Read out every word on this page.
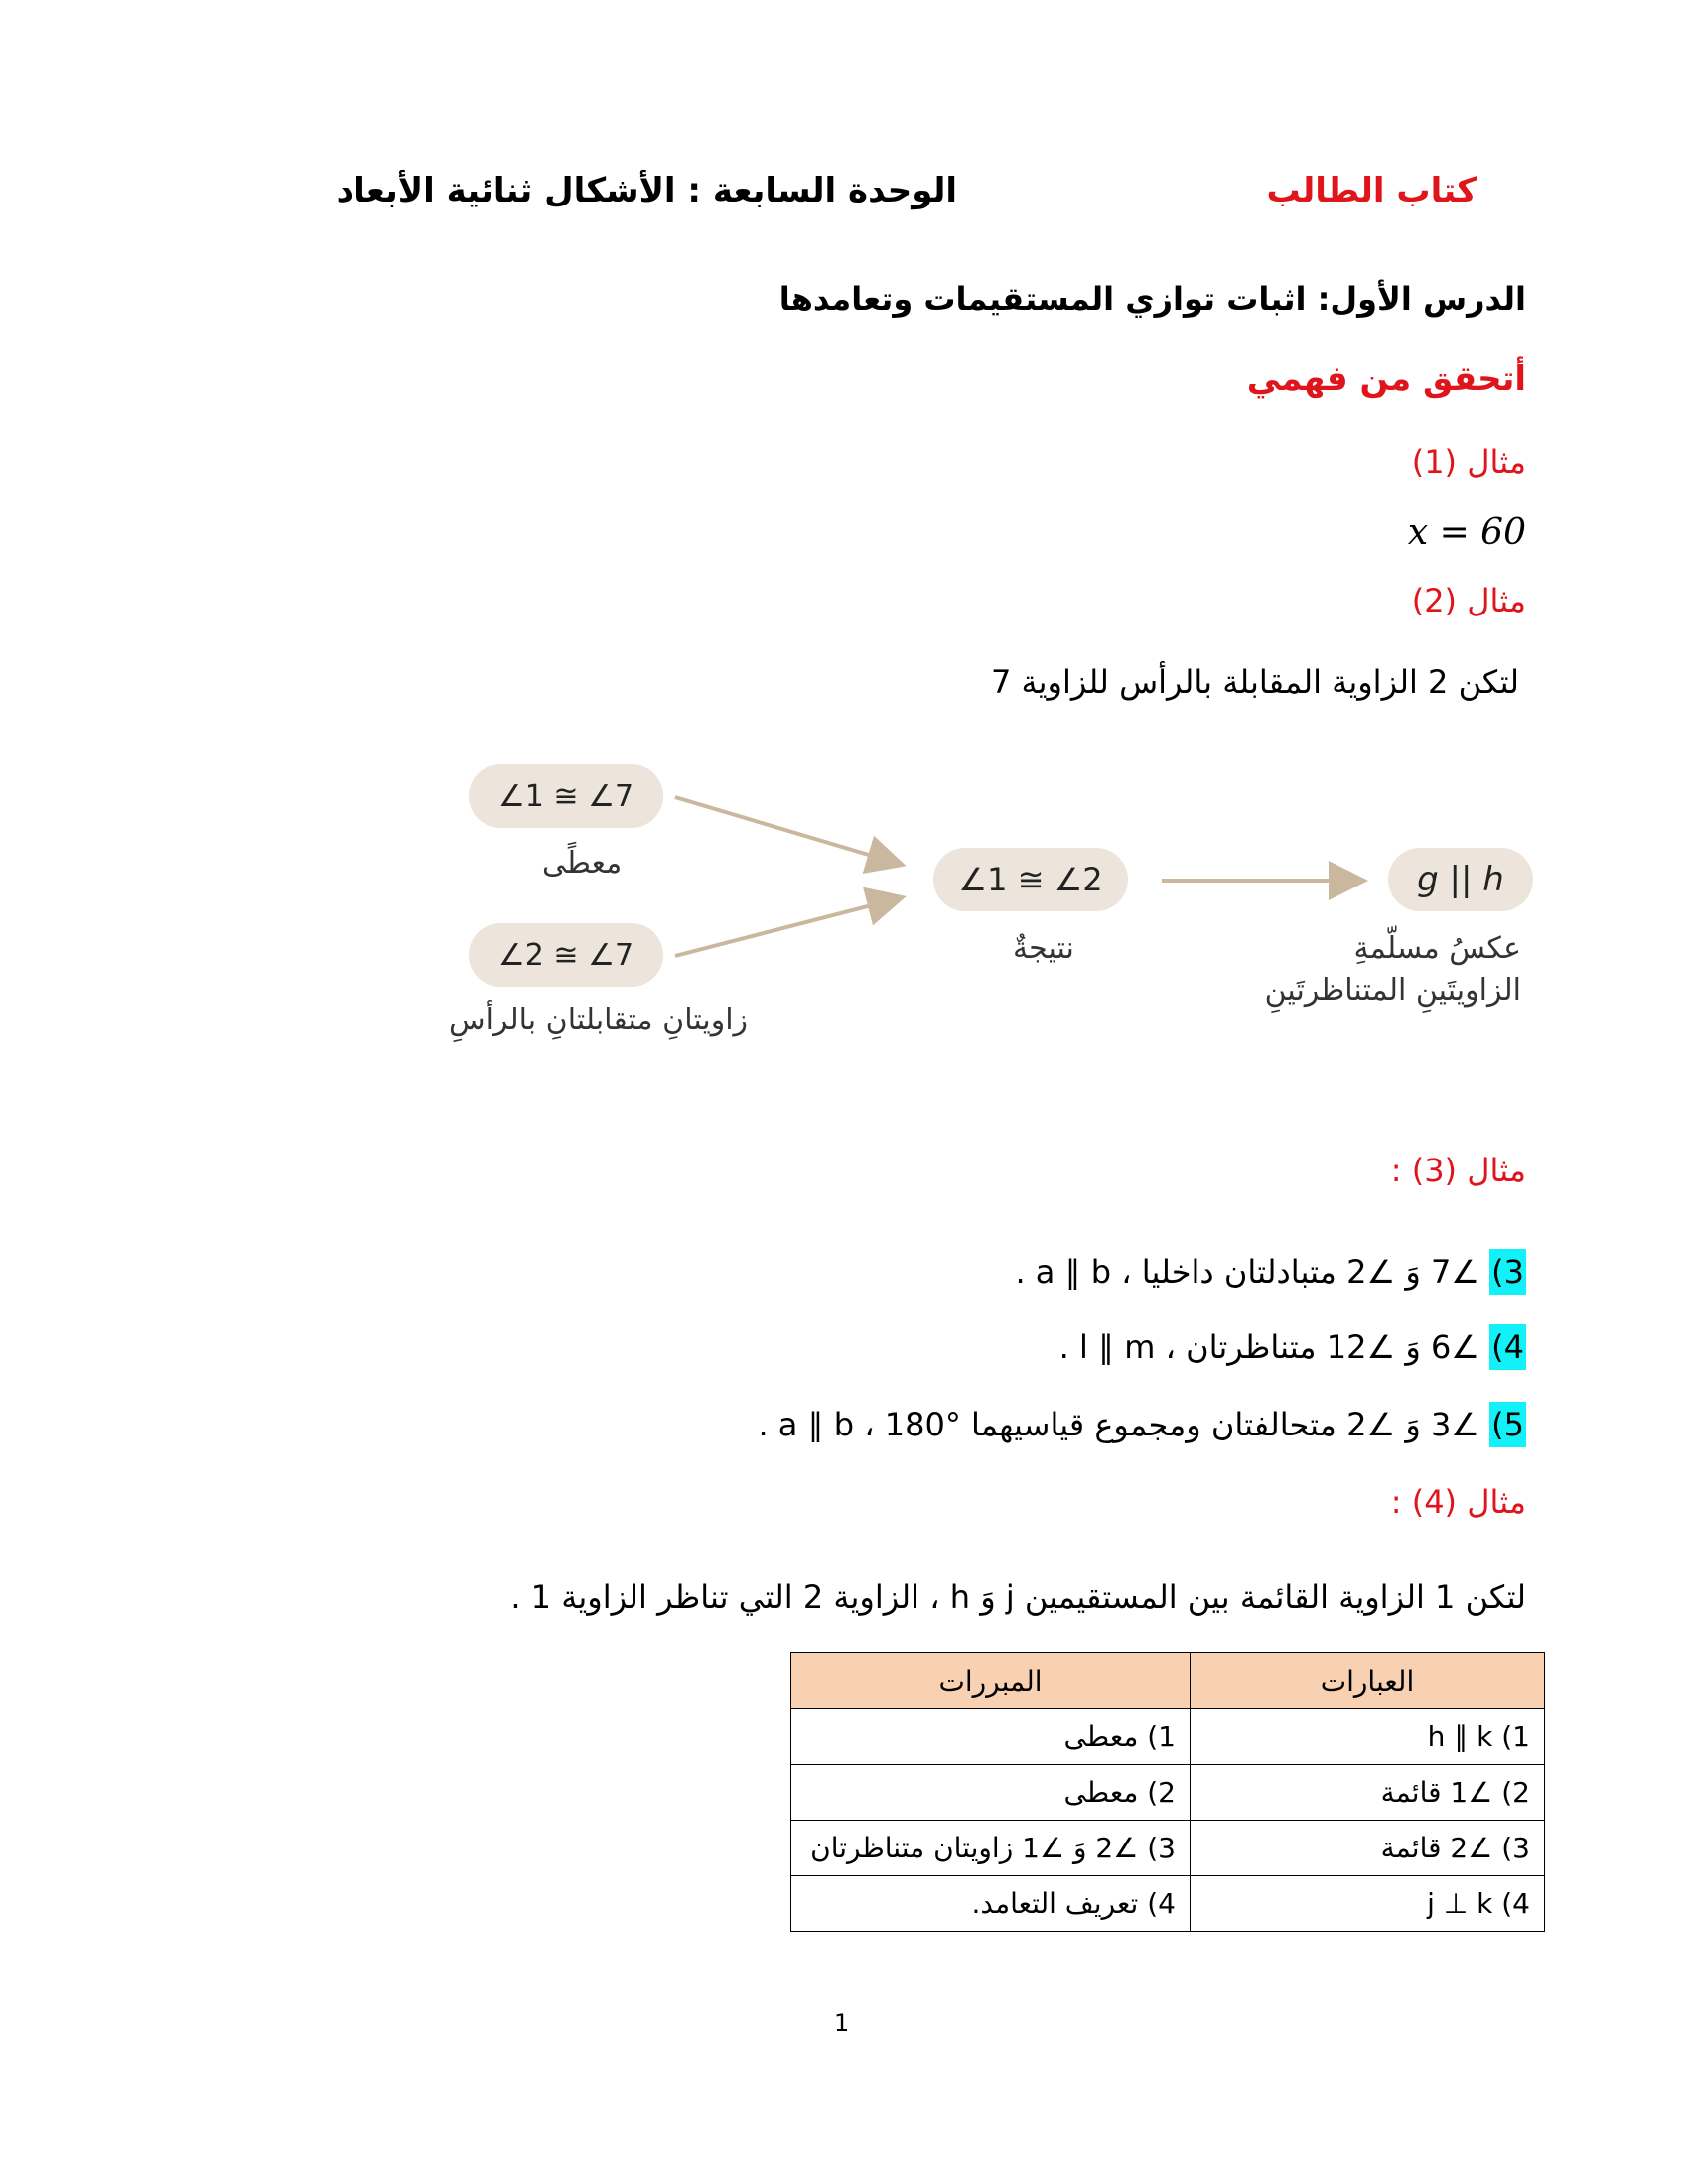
كتاب الطالب
الوحدة السابعة : الأشكال ثنائية الأبعاد
الدرس الأول: اثبات توازي المستقيمات وتعامدها
أتحقق من فهمي
مثال (1)
x = 60
مثال (2)
لتكن 2 الزاوية المقابلة بالرأس للزاوية 7
∠1 ≅ ∠7
معطًى
∠2 ≅ ∠7
زاويتانِ متقابلتانِ بالرأسِ
∠1 ≅ ∠2
نتيجةٌ
g || h
عكسُ مسلّمةِ
الزاويتَينِ المتناظرتَينِ
مثال (3) :
3) ∠7 وَ ∠2 متبادلتان داخليا ، a ∥ b .
4) ∠6 وَ ∠12 متناظرتان ، l ∥ m .
5) ∠3 وَ ∠2 متحالفتان ومجموع قياسيهما °180 ، a ∥ b .
مثال (4) :
لتكن 1 الزاوية القائمة بين المستقيمين j وَ h ، الزاوية 2 التي تناظر الزاوية 1 .
العبارات	المبررات
h ∥ k (1	1) معطى
2) ∠1 قائمة	2) معطى
3) ∠2 قائمة	3) ∠2 وَ ∠1 زاويتان متناظرتان
j ⊥ k (4	4) تعريف التعامد.
1
